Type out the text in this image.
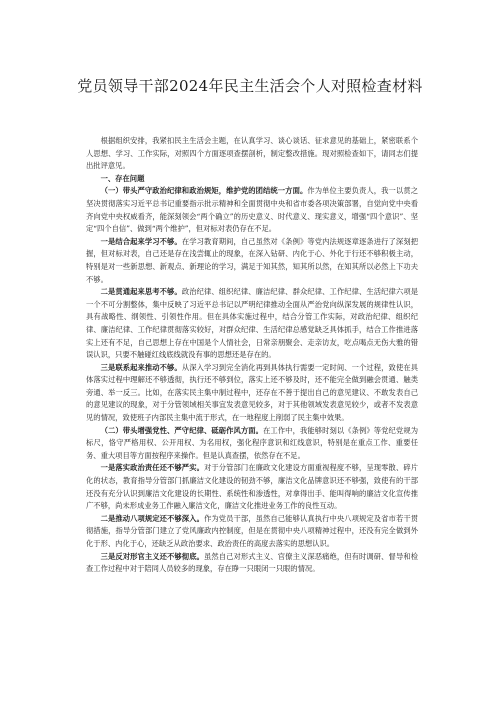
党员领导干部2024年民主生活会个人对照检查材料

根据组织安排，我紧扣民主生活会主题，在认真学习、谈心谈话、征求意见的基础上，紧密联系个人思想、学习、工作实际，对照四个方面逐项查摆剖析，制定整改措施。现对照检查如下，请同志们提出批评意见。

一、存在问题

（一）带头严守政治纪律和政治规矩，维护党的团结统一方面。作为单位主要负责人，我一以贯之坚决贯彻落实习近平总书记重要指示批示精神和全面贯彻中央和省市委各项决策部署，自觉向党中央看齐向党中央权威看齐，能深刻领会“两个确立”的历史意义、时代意义、现实意义，增强“四个意识”、坚定“四个自信”、做到“两个维护”，但对标对表仍存在不足。

一是结合起来学习不够。在学习教育期间，自己虽然对《条例》等党内法规逐章逐条进行了深刻把握，但对标对表，自己还是存在浅尝辄止的现象，在深入钻研、内化于心、外化于行还不够积极主动，特别是对一些新思想、新观点、新理论的学习，满足于知其然，知其所以然，在知其所以必然上下功夫不够。

二是贯通起来思考不够。政治纪律、组织纪律、廉洁纪律、群众纪律、工作纪律、生活纪律六项是一个不可分割整体，集中反映了习近平总书记以严明纪律推动全面从严治党向纵深发展的规律性认识，具有战略性、纲领性、引领性作用。但在具体实施过程中，结合分管工作实际，对政治纪律、组织纪律、廉洁纪律、工作纪律贯彻落实较好，对群众纪律、生活纪律总感觉缺乏具体抓手，结合工作推进落实上还有不足，自己思想上存在中国是个人情社会，日常亲朋聚会、走亲访友，吃点喝点无伤大雅的错误认识，只要不触碰红线底线就没有事的思想还是存在的。

三是联系起来推动不够。从深入学习到完全消化再到具体执行需要一定时间、一个过程，致使在具体落实过程中理解还不够透彻，执行还不够到位，落实上还不够及时，还不能完全做到融会贯通、触类旁通、举一反三。比如，在落实民主集中制过程中，还存在不善于提出自己的意见建议、不敢发表自己的意见建议的现象，对于分管领域相关事宜发表意见较多，对于其他领域发表意见较少，或者不发表意见的情况，致使班子内部民主集中流于形式，在一地程度上削弱了民主集中效果。

（二）带头增强党性、严守纪律、砥砺作风方面。在工作中，我能够时刻以《条例》等党纪党规为标尺，恪守严格用权、公开用权、为名用权，强化程序意识和红线意识，特别是在重点工作、重要任务、重大项目等方面按程序来操作。但是认真查摆，依然存在不足。

一是落实政治责任还不够严实。对于分管部门在廉政文化建设方面重视程度不够，呈现零散、碎片化的状态，教育指导分管部门抓廉洁文化建设的韧劲不够，廉洁文化品牌意识还不够强，致使有的干部还没有充分认识到廉洁文化建设的长期性、系统性和渗透性，对拿得出手、能叫得响的廉洁文化宣传推广不够，尚未形成业务工作融入廉洁文化，廉洁文化推进业务工作的良性互动。

二是推动八项规定还不够深入。作为党员干部，虽然自己能够认真执行中央八项规定及省市若干贯彻措施，指导分管部门建立了党风廉政内控制度，但是在贯彻中央八项精神过程中，还没有完全做到外化于形、内化于心，还缺乏从政治要求、政治责任的高度去落实的思想认识。

三是反对形官主义还不够彻底。虽然自己对形式主义、官僚主义深恶痛绝，但有时调研、督导和检查工作过程中对于陪同人员较多的现象，存在睁一只眼闭一只眼的情况。
